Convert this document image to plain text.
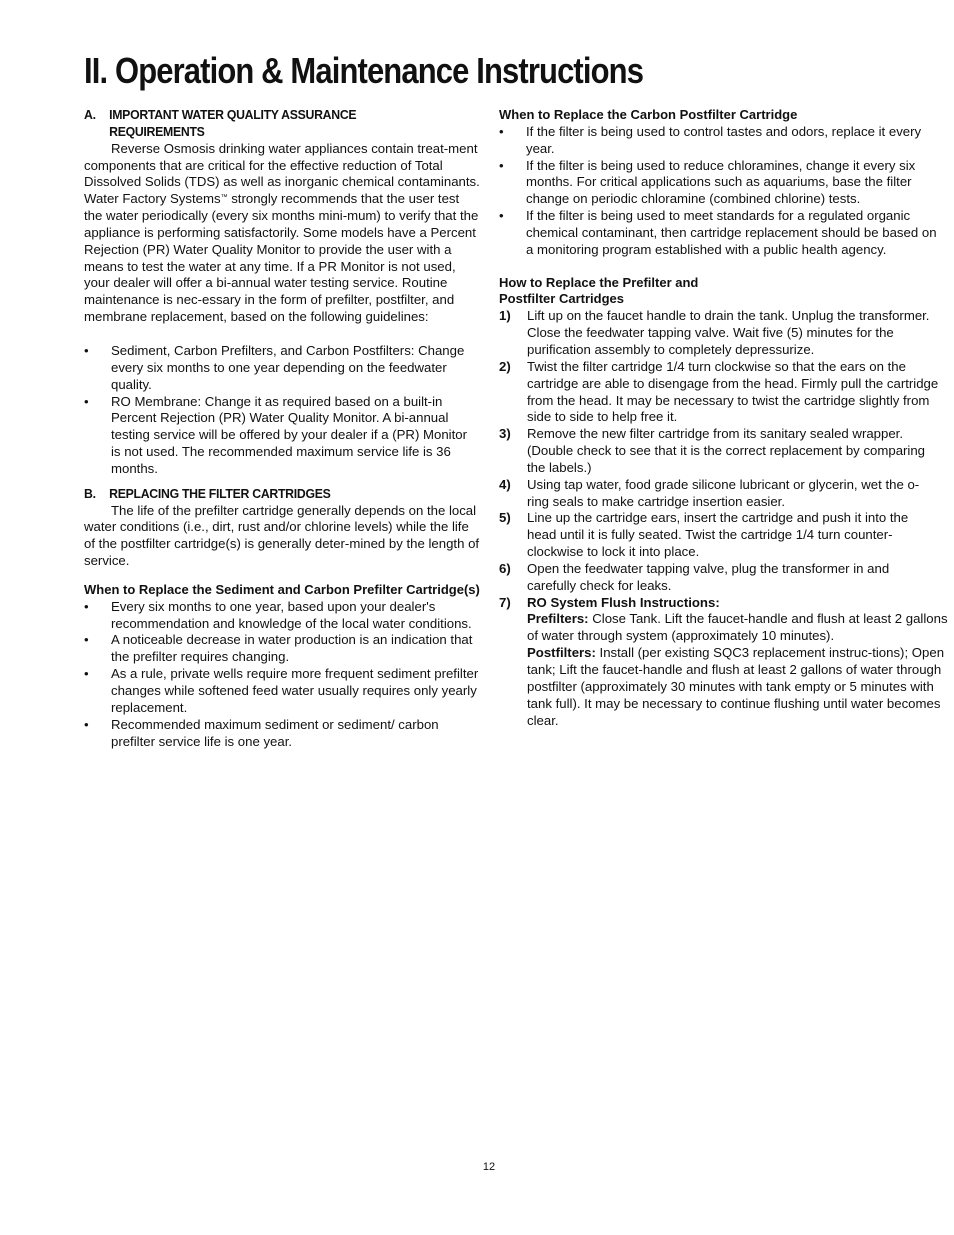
II. Operation & Maintenance Instructions
A. IMPORTANT WATER QUALITY ASSURANCE
REQUIREMENTS
Reverse Osmosis drinking water appliances contain treat-ment components that are critical for the effective reduction of Total Dissolved Solids (TDS) as well as inorganic chemical contaminants. Water Factory Systems™ strongly recommends that the user test the water periodically (every six months mini-mum) to verify that the appliance is performing satisfactorily. Some models have a Percent Rejection (PR) Water Quality Monitor to provide the user with a means to test the water at any time. If a PR Monitor is not used, your dealer will offer a bi-annual water testing service. Routine maintenance is nec-essary in the form of prefilter, postfilter, and membrane replacement, based on the following guidelines:
• Sediment, Carbon Prefilters, and Carbon Postfilters: Change every six months to one year depending on the feedwater quality.
• RO Membrane: Change it as required based on a built-in Percent Rejection (PR) Water Quality Monitor. A bi-annual testing service will be offered by your dealer if a (PR) Monitor is not used. The recommended maximum service life is 36 months.
B. REPLACING THE FILTER CARTRIDGES
The life of the prefilter cartridge generally depends on the local water conditions (i.e., dirt, rust and/or chlorine levels) while the life of the postfilter cartridge(s) is generally deter-mined by the length of service.
When to Replace the Sediment and Carbon Prefilter Cartridge(s)
• Every six months to one year, based upon your dealer's recommendation and knowledge of the local water conditions.
• A noticeable decrease in water production is an indication that the prefilter requires changing.
• As a rule, private wells require more frequent sediment prefilter changes while softened feed water usually requires only yearly replacement.
• Recommended maximum sediment or sediment/ carbon prefilter service life is one year.
When to Replace the Carbon Postfilter Cartridge
• If the filter is being used to control tastes and odors, replace it every year.
• If the filter is being used to reduce chloramines, change it every six months. For critical applications such as aquariums, base the filter change on periodic chloramine (combined chlorine) tests.
• If the filter is being used to meet standards for a regulated organic chemical contaminant, then cartridge replacement should be based on a monitoring program established with a public health agency.
How to Replace the Prefilter and
Postfilter Cartridges
1) Lift up on the faucet handle to drain the tank. Unplug the transformer. Close the feedwater tapping valve. Wait five (5) minutes for the purification assembly to completely depressurize.
2) Twist the filter cartridge 1/4 turn clockwise so that the ears on the cartridge are able to disengage from the head. Firmly pull the cartridge from the head. It may be necessary to twist the cartridge slightly from side to side to help free it.
3) Remove the new filter cartridge from its sanitary sealed wrapper. (Double check to see that it is the correct replacement by comparing the labels.)
4) Using tap water, food grade silicone lubricant or glycerin, wet the o-ring seals to make cartridge insertion easier.
5) Line up the cartridge ears, insert the cartridge and push it into the head until it is fully seated. Twist the cartridge 1/4 turn counter-clockwise to lock it into place.
6) Open the feedwater tapping valve, plug the transformer in and carefully check for leaks.
7) RO System Flush Instructions:
Prefilters: Close Tank. Lift the faucet-handle and flush at least 2 gallons of water through system (approximately 10 minutes).
Postfilters: Install (per existing SQC3 replacement instruc-tions); Open tank; Lift the faucet-handle and flush at least 2 gallons of water through postfilter (approximately 30 minutes with tank empty or 5 minutes with tank full). It may be necessary to continue flushing until water becomes clear.
12
